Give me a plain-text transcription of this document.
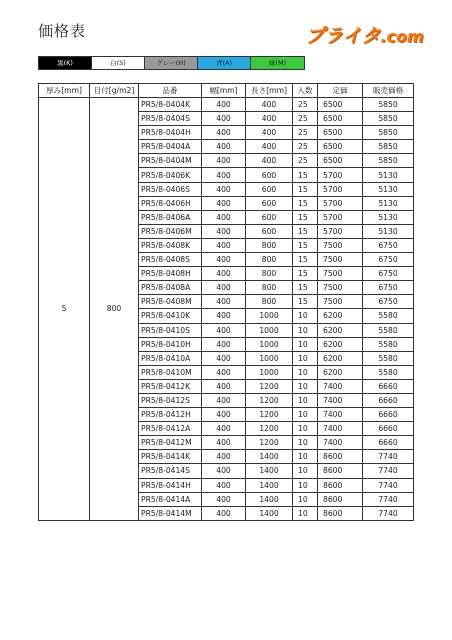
価格表	プライタ.com
黒(K)	白(S)	グレー(H)	青(A)	緑(M)
厚み[mm]	目付[g/m2]	品番	幅[mm]	長さ[mm]	入数	定価	販売価格
5	800	PR5/8-0404K	400	400	25	6500	5850
		PR5/8-0404S	400	400	25	6500	5850
		PR5/8-0404H	400	400	25	6500	5850
		PR5/8-0404A	400	400	25	6500	5850
		PR5/8-0404M	400	400	25	6500	5850
		PR5/8-0406K	400	600	15	5700	5130
		PR5/8-0406S	400	600	15	5700	5130
		PR5/8-0406H	400	600	15	5700	5130
		PR5/8-0406A	400	600	15	5700	5130
		PR5/8-0406M	400	600	15	5700	5130
		PR5/8-0408K	400	800	15	7500	6750
		PR5/8-0408S	400	800	15	7500	6750
		PR5/8-0408H	400	800	15	7500	6750
		PR5/8-0408A	400	800	15	7500	6750
		PR5/8-0408M	400	800	15	7500	6750
		PR5/8-0410K	400	1000	10	6200	5580
		PR5/8-0410S	400	1000	10	6200	5580
		PR5/8-0410H	400	1000	10	6200	5580
		PR5/8-0410A	400	1000	10	6200	5580
		PR5/8-0410M	400	1000	10	6200	5580
		PR5/8-0412K	400	1200	10	7400	6660
		PR5/8-0412S	400	1200	10	7400	6660
		PR5/8-0412H	400	1200	10	7400	6660
		PR5/8-0412A	400	1200	10	7400	6660
		PR5/8-0412M	400	1200	10	7400	6660
		PR5/8-0414K	400	1400	10	8600	7740
		PR5/8-0414S	400	1400	10	8600	7740
		PR5/8-0414H	400	1400	10	8600	7740
		PR5/8-0414A	400	1400	10	8600	7740
		PR5/8-0414M	400	1400	10	8600	7740
